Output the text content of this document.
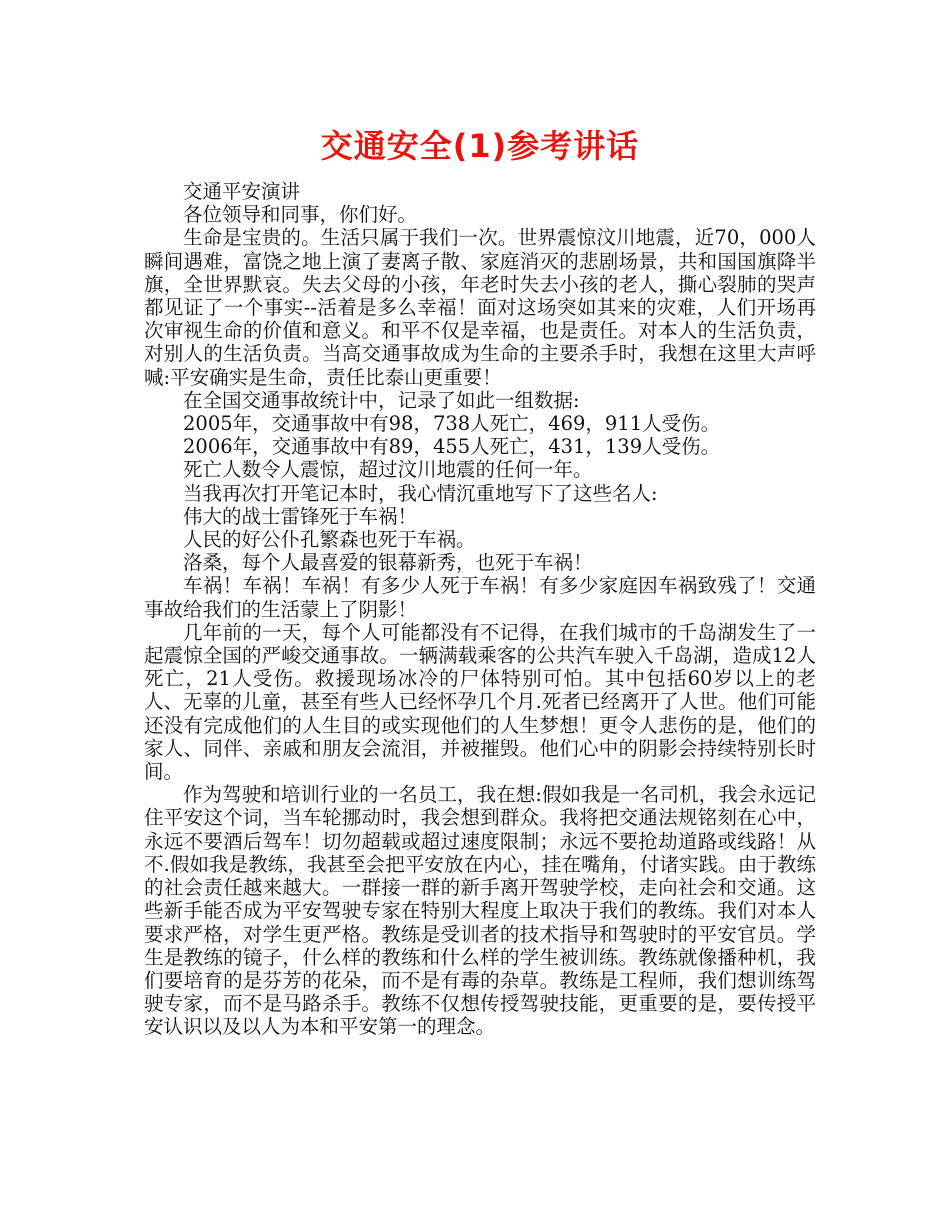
交通安全(1)参考讲话

交通平安演讲

各位领导和同事，你们好。

生命是宝贵的。生活只属于我们一次。世界震惊汶川地震，近70，000人瞬间遇难，富饶之地上演了妻离子散、家庭消灭的悲剧场景，共和国国旗降半旗，全世界默哀。失去父母的小孩，年老时失去小孩的老人，撕心裂肺的哭声都见证了一个事实--活着是多么幸福！面对这场突如其来的灾难，人们开场再次审视生命的价值和意义。和平不仅是幸福，也是责任。对本人的生活负责，对别人的生活负责。当高交通事故成为生命的主要杀手时，我想在这里大声呼喊:平安确实是生命，责任比泰山更重要！

在全国交通事故统计中，记录了如此一组数据:

2005年，交通事故中有98，738人死亡，469，911人受伤。

2006年，交通事故中有89，455人死亡，431，139人受伤。

死亡人数令人震惊，超过汶川地震的任何一年。

当我再次打开笔记本时，我心情沉重地写下了这些名人:

伟大的战士雷锋死于车祸！

人民的好公仆孔繁森也死于车祸。

洛桑，每个人最喜爱的银幕新秀，也死于车祸！

车祸！车祸！车祸！有多少人死于车祸！有多少家庭因车祸致残了！交通事故给我们的生活蒙上了阴影！

几年前的一天，每个人可能都没有不记得，在我们城市的千岛湖发生了一起震惊全国的严峻交通事故。一辆满载乘客的公共汽车驶入千岛湖，造成12人死亡，21人受伤。救援现场冰冷的尸体特别可怕。其中包括60岁以上的老人、无辜的儿童，甚至有些人已经怀孕几个月.死者已经离开了人世。他们可能还没有完成他们的人生目的或实现他们的人生梦想！更令人悲伤的是，他们的家人、同伴、亲戚和朋友会流泪，并被摧毁。他们心中的阴影会持续特别长时间。

作为驾驶和培训行业的一名员工，我在想:假如我是一名司机，我会永远记住平安这个词，当车轮挪动时，我会想到群众。我将把交通法规铭刻在心中，永远不要酒后驾车！切勿超载或超过速度限制；永远不要抢劫道路或线路！从不.假如我是教练，我甚至会把平安放在内心，挂在嘴角，付诸实践。由于教练的社会责任越来越大。一群接一群的新手离开驾驶学校，走向社会和交通。这些新手能否成为平安驾驶专家在特别大程度上取决于我们的教练。我们对本人要求严格，对学生更严格。教练是受训者的技术指导和驾驶时的平安官员。学生是教练的镜子，什么样的教练和什么样的学生被训练。教练就像播种机，我们要培育的是芬芳的花朵，而不是有毒的杂草。教练是工程师，我们想训练驾驶专家，而不是马路杀手。教练不仅想传授驾驶技能，更重要的是，要传授平安认识以及以人为本和平安第一的理念。
